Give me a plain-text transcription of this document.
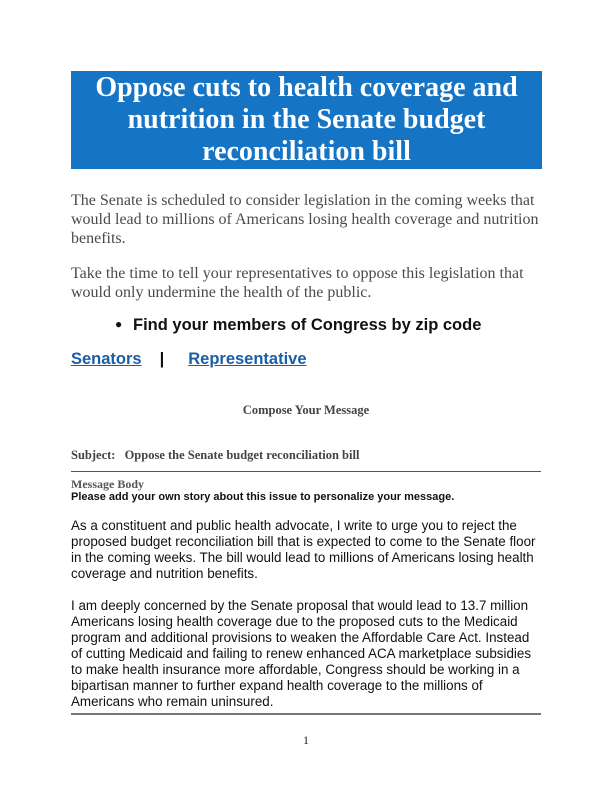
Oppose cuts to health coverage and nutrition in the Senate budget reconciliation bill

The Senate is scheduled to consider legislation in the coming weeks that would lead to millions of Americans losing health coverage and nutrition benefits.

Take the time to tell your representatives to oppose this legislation that would only undermine the health of the public.

● Find your members of Congress by zip code
Senators | Representative
Compose Your Message
Subject: Oppose the Senate budget reconciliation bill
Message Body
Please add your own story about this issue to personalize your message.

As a constituent and public health advocate, I write to urge you to reject the proposed budget reconciliation bill that is expected to come to the Senate floor in the coming weeks. The bill would lead to millions of Americans losing health coverage and nutrition benefits.

I am deeply concerned by the Senate proposal that would lead to 13.7 million Americans losing health coverage due to the proposed cuts to the Medicaid program and additional provisions to weaken the Affordable Care Act. Instead of cutting Medicaid and failing to renew enhanced ACA marketplace subsidies to make health insurance more affordable, Congress should be working in a bipartisan manner to further expand health coverage to the millions of Americans who remain uninsured.

1
